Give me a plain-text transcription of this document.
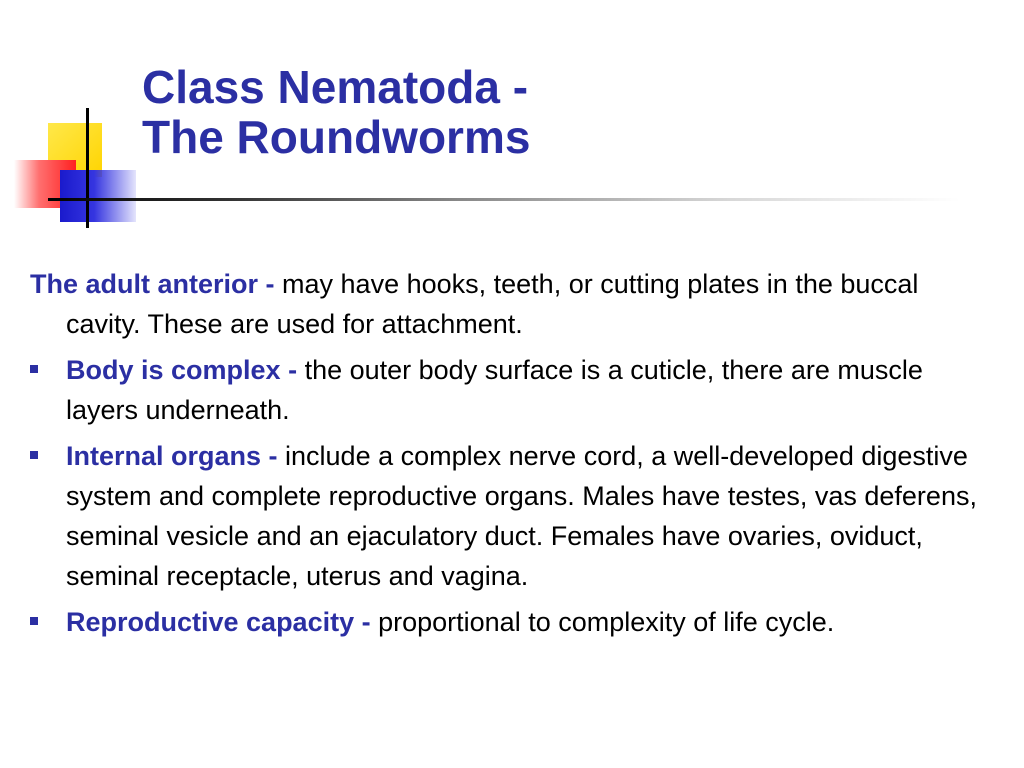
Class Nematoda -
The Roundworms

The adult anterior - may have hooks, teeth, or cutting plates in the buccal cavity. These are used for attachment.

Body is complex - the outer body surface is a cuticle, there are muscle layers underneath.
Internal organs - include a complex nerve cord, a well-developed digestive system and complete reproductive organs. Males have testes, vas deferens, seminal vesicle and an ejaculatory duct. Females have ovaries, oviduct, seminal receptacle, uterus and vagina.
Reproductive capacity - proportional to complexity of life cycle.
